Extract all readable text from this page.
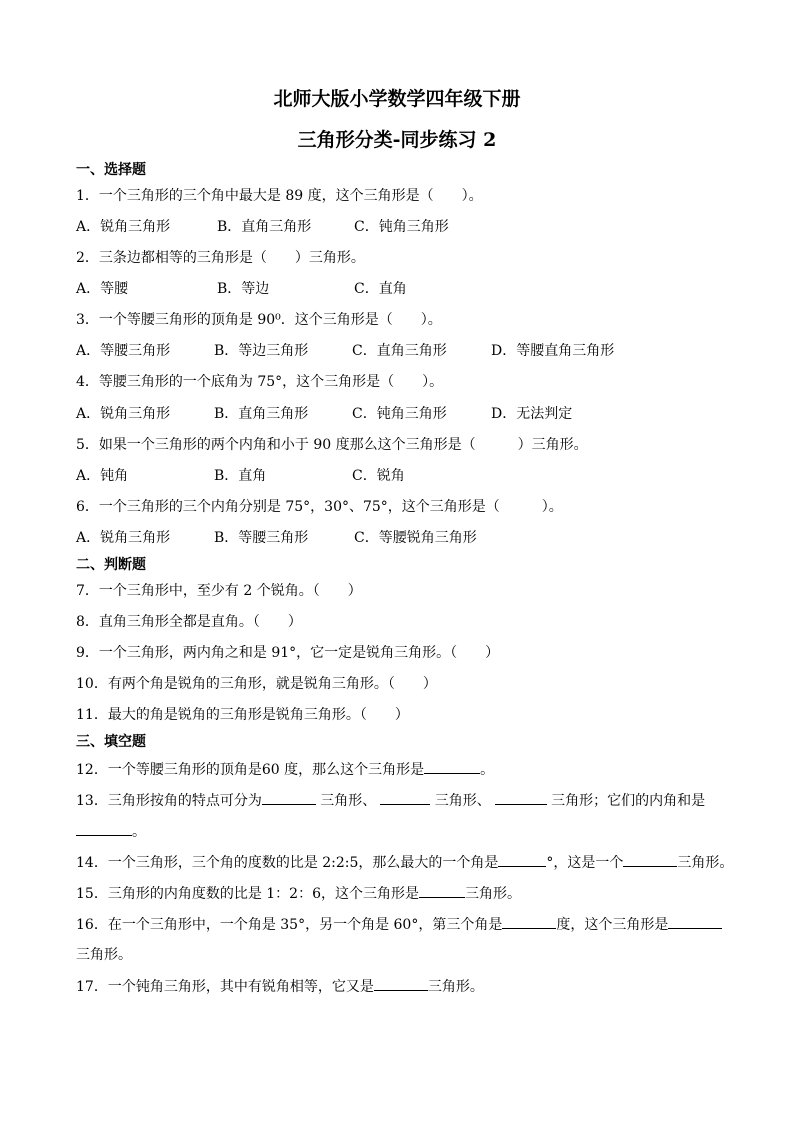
北师大版小学数学四年级下册
三角形分类-同步练习 2
一、选择题
1．一个三角形的三个角中最大是 89 度，这个三角形是（　　）。
A．锐角三角形	B．直角三角形	C．钝角三角形
2．三条边都相等的三角形是（　　）三角形。
A．等腰	B．等边	C．直角
3．一个等腰三角形的顶角是 90⁰．这个三角形是（　　）。
A．等腰三角形	B．等边三角形	C．直角三角形	D．等腰直角三角形
4．等腰三角形的一个底角为 75°，这个三角形是（　　）。
A．锐角三角形	B．直角三角形	C．钝角三角形	D．无法判定
5．如果一个三角形的两个内角和小于 90 度那么这个三角形是（　　　）三角形。
A．钝角	B．直角	C．锐角
6．一个三角形的三个内角分别是 75°，30°、75°，这个三角形是（　　　）。
A．锐角三角形	B．等腰三角形	C．等腰锐角三角形
二、判断题
7．一个三角形中，至少有 2 个锐角。（　　）
8．直角三角形全都是直角。（　　）
9．一个三角形，两内角之和是 91°，它一定是锐角三角形。（　　）
10．有两个角是锐角的三角形，就是锐角三角形。（　　）
11．最大的角是锐角的三角形是锐角三角形。（　　）
三、填空题
12．一个等腰三角形的顶角是60 度，那么这个三角形是	。
13．三角形按角的特点可分为	三角形、	三角形、	三角形；它们的内角和是
。
14．一个三角形，三个角的度数的比是 2:2:5，那么最大的一个角是	°，这是一个	三角形。
15．三角形的内角度数的比是 1：2：6，这个三角形是	三角形。
16．在一个三角形中，一个角是 35°，另一个角是 60°，第三个角是	度，这个三角形是
三角形。
17．一个钝角三角形，其中有锐角相等，它又是	三角形。
